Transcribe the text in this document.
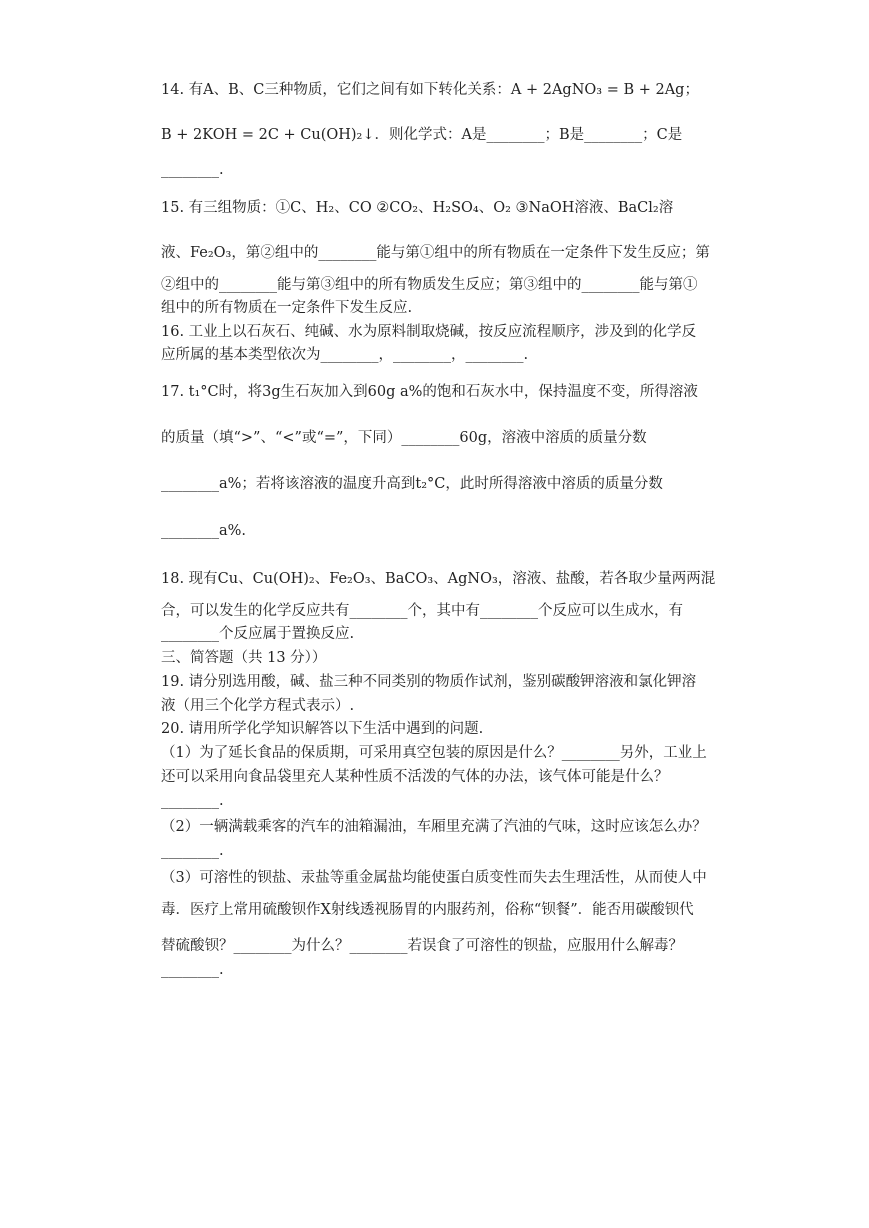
14. 有A、B、C三种物质，它们之间有如下转化关系：A + 2AgNO₃ = B + 2Ag；
B + 2KOH = 2C + Cu(OH)₂↓．则化学式：A是________；B是________；C是
________.
15. 有三组物质：①C、H₂、CO ②CO₂、H₂SO₄、O₂ ③NaOH溶液、BaCl₂溶
液、Fe₂O₃，第②组中的________能与第①组中的所有物质在一定条件下发生反应；第
②组中的________能与第③组中的所有物质发生反应；第③组中的________能与第①
组中的所有物质在一定条件下发生反应.
16. 工业上以石灰石、纯碱、水为原料制取烧碱，按反应流程顺序，涉及到的化学反
应所属的基本类型依次为________，________，________.
17. t₁°C时，将3g生石灰加入到60g a%的饱和石灰水中，保持温度不变，所得溶液
的质量（填“>”、“<”或“=”，下同）________60g，溶液中溶质的质量分数
________a%；若将该溶液的温度升高到t₂°C，此时所得溶液中溶质的质量分数
________a%.
18. 现有Cu、Cu(OH)₂、Fe₂O₃、BaCO₃、AgNO₃，溶液、盐酸，若各取少量两两混
合，可以发生的化学反应共有________个，其中有________个反应可以生成水，有
________个反应属于置换反应.
三、简答题（共 13 分））
19. 请分别选用酸，碱、盐三种不同类别的物质作试剂，鉴别碳酸钾溶液和氯化钾溶
液（用三个化学方程式表示）.
20. 请用所学化学知识解答以下生活中遇到的问题.
（1）为了延长食品的保质期，可采用真空包装的原因是什么？________另外，工业上
还可以采用向食品袋里充人某种性质不活泼的气体的办法，该气体可能是什么？
________.
（2）一辆满载乘客的汽车的油箱漏油，车厢里充满了汽油的气味，这时应该怎么办？
________.
（3）可溶性的钡盐、汞盐等重金属盐均能使蛋白质变性而失去生理活性，从而使人中
毒．医疗上常用硫酸钡作X射线透视肠胃的内服药剂，俗称“钡餐”．能否用碳酸钡代
替硫酸钡？________为什么？________若误食了可溶性的钡盐，应服用什么解毒？
________.
